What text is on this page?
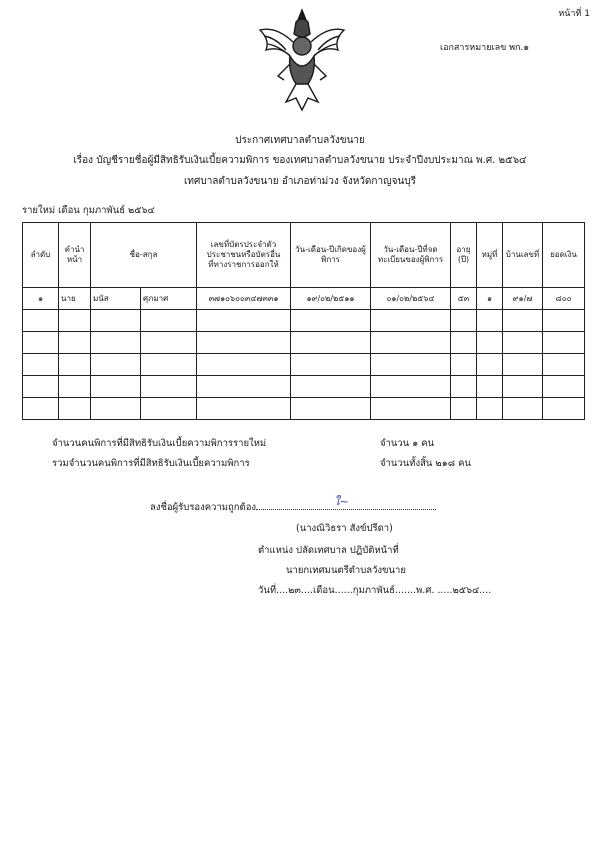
หน้าที่ 1
เอกสารหมายเลข พก.๑
ประกาศเทศบาลตำบลวังขนาย
เรื่อง บัญชีรายชื่อผู้มีสิทธิรับเงินเบี้ยความพิการ ของเทศบาลตำบลวังขนาย ประจำปีงบประมาณ พ.ศ. ๒๕๖๔
เทศบาลตำบลวังขนาย อำเภอท่าม่วง จังหวัดกาญจนบุรี
รายใหม่ เดือน กุมภาพันธ์ ๒๕๖๔
ลำดับ	คำนำหน้า	ชื่อ-สกุล		เลขที่บัตรประจำตัวประชาชนหรือบัตรอื่นที่ทางราชการออกให้	วัน-เดือน-ปีเกิดของผู้พิการ	วัน-เดือน-ปีที่จดทะเบียนของผู้พิการ	อายุ (ปี)	หมู่ที่	บ้านเลขที่	ยอดเงิน
๑	นาย	มนัส	ศุภมาศ	๓๗๑๐๖๐๐๓๔๗๓๓๑	๑๙/๐๒/๒๕๑๑	๐๑/๐๒/๒๕๖๔	๕๓	๑	๙๑/๗	๘๐๐

จำนวนคนพิการที่มีสิทธิรับเงินเบี้ยความพิการรายใหม่	จำนวน ๑ คน
รวมจำนวนคนพิการที่มีสิทธิรับเงินเบี้ยความพิการ	จำนวนทั้งสิ้น ๒๑๘ คน
ลงชื่อผู้รับรองความถูกต้อง	ใ~
(นางณิวิธรา สังข์ปรีดา)
ตำแหน่ง ปลัดเทศบาล ปฏิบัติหน้าที่
นายกเทศมนตรีตำบลวังขนาย
วันที่....๒๓....เดือน......กุมภาพันธ์.......พ.ศ. .....๒๕๖๔....
